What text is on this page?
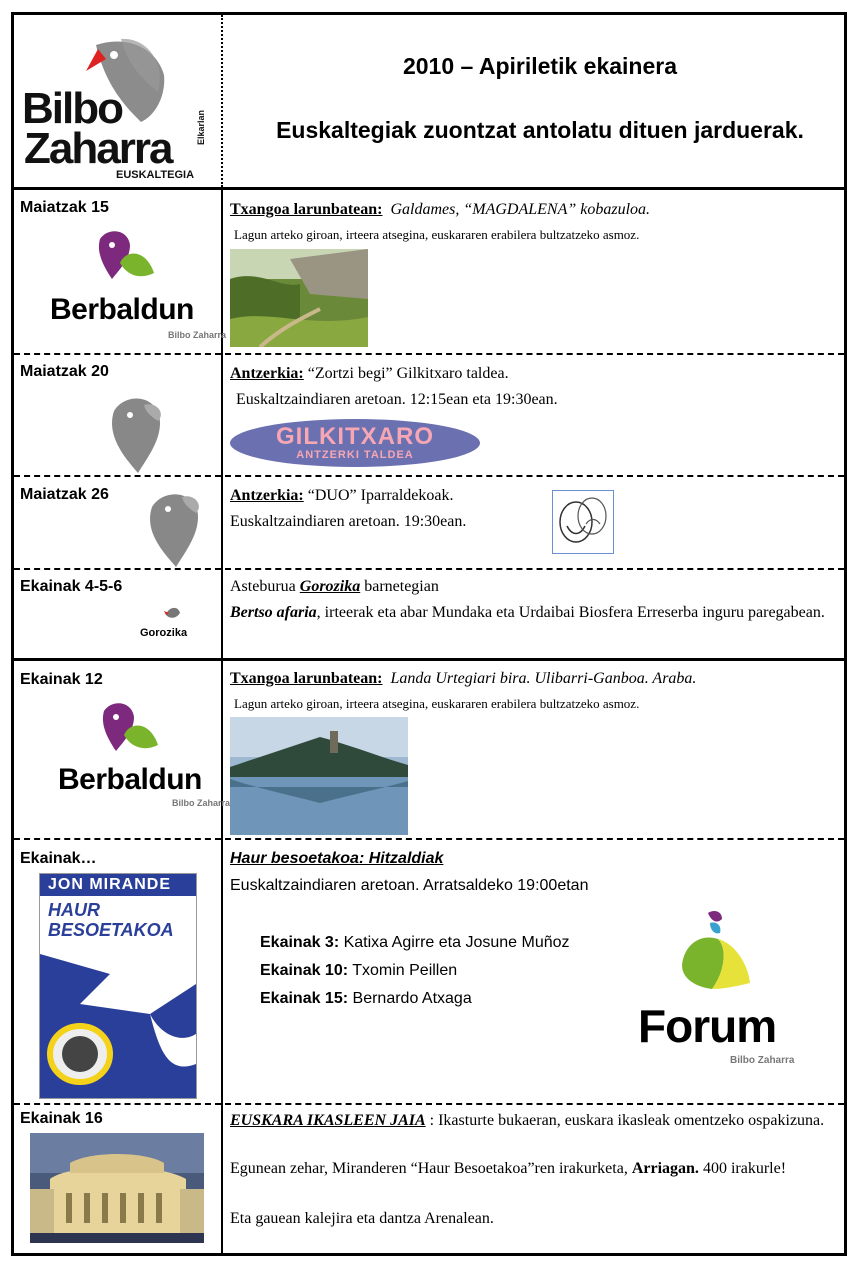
Bilbo
Zaharra
EUSKALTEGIA
Elkarlan
2010 – Apiriletik ekainera
Euskaltegiak zuontzat antolatu dituen jarduerak.
Maiatzak 15
Berbaldun
Bilbo Zaharra
Txangoa larunbatean: Galdames, “MAGDALENA” kobazuloa.
Lagun arteko giroan, irteera atsegina, euskararen erabilera bultzatzeko asmoz.
Maiatzak 20	Antzerkia: “Zortzi begi” Gilkitxaro taldea.
Euskaltzaindiaren aretoan. 12:15ean eta 19:30ean.
GILKITXARO
ANTZERKI TALDEA
Maiatzak 26	Antzerkia: “DUO” Iparraldekoak.
Euskaltzaindiaren aretoan. 19:30ean.
Ekainak 4-5-6
Gorozika
Asteburua Gorozika barnetegian
Bertso afaria, irteerak eta abar Mundaka eta Urdaibai Biosfera Erreserba inguru paregabean.
Ekainak 12
Berbaldun
Bilbo Zaharra
Txangoa larunbatean: Landa Urtegiari bira. Ulibarri-Ganboa. Araba.
Lagun arteko giroan, irteera atsegina, euskararen erabilera bultzatzeko asmoz.
Ekainak…
JON MIRANDE
HAUR
BESOETAKOA
Haur besoetakoa: Hitzaldiak
Euskaltzaindiaren aretoan. Arratsaldeko 19:00etan
Ekainak 3: Katixa Agirre eta Josune Muñoz
Ekainak 10: Txomin Peillen
Ekainak 15: Bernardo Atxaga
Forum
Bilbo Zaharra
Ekainak 16	EUSKARA IKASLEEN JAIA : Ikasturte bukaeran, euskara ikasleak omentzeko ospakizuna.
Egunean zehar, Miranderen “Haur Besoetakoa”ren irakurketa, Arriagan. 400 irakurle!
Eta gauean kalejira eta dantza Arenalean.
